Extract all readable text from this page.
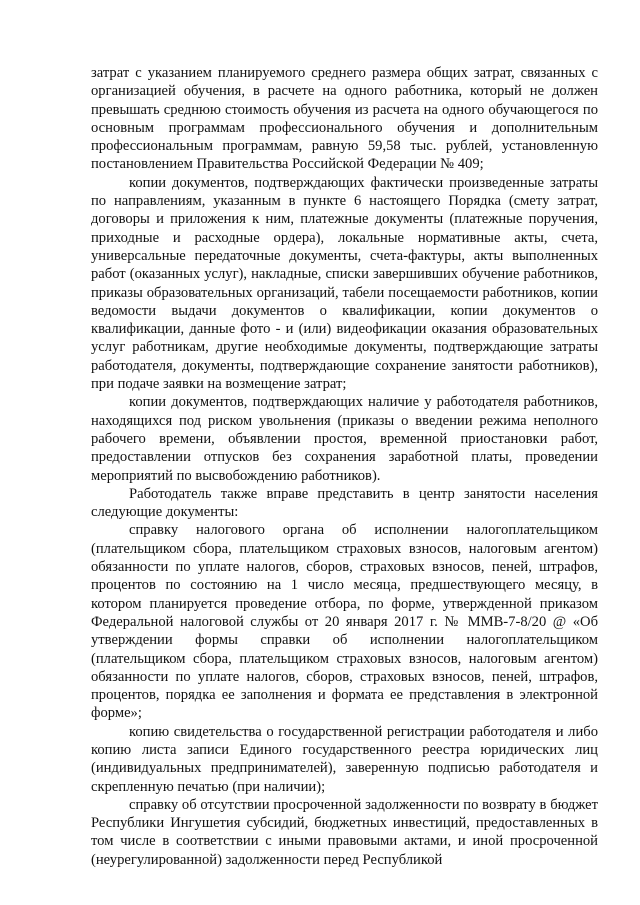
затрат с указанием планируемого среднего размера общих затрат, связанных с организацией обучения, в расчете на одного работника, который не должен превышать среднюю стоимость обучения из расчета на одного обучающегося по основным программам профессионального обучения и дополнительным профессиональным программам, равную 59,58 тыс. рублей, установленную постановлением Правительства Российской Федерации № 409;

копии документов, подтверждающих фактически произведенные затраты по направлениям, указанным в пункте 6 настоящего Порядка (смету затрат, договоры и приложения к ним, платежные документы (платежные поручения, приходные и расходные ордера), локальные нормативные акты, счета, универсальные передаточные документы, счета-фактуры, акты выполненных работ (оказанных услуг), накладные, списки завершивших обучение работников, приказы образовательных организаций, табели посещаемости работников, копии ведомости выдачи документов о квалификации, копии документов о квалификации, данные фото - и (или) видеофикации оказания образовательных услуг работникам, другие необходимые документы, подтверждающие затраты работодателя, документы, подтверждающие сохранение занятости работников), при подаче заявки на возмещение затрат;

копии документов, подтверждающих наличие у работодателя работников, находящихся под риском увольнения (приказы о введении режима неполного рабочего времени, объявлении простоя, временной приостановки работ, предоставлении отпусков без сохранения заработной платы, проведении мероприятий по высвобождению работников).

Работодатель также вправе представить в центр занятости населения следующие документы:

справку налогового органа об исполнении налогоплательщиком (плательщиком сбора, плательщиком страховых взносов, налоговым агентом) обязанности по уплате налогов, сборов, страховых взносов, пеней, штрафов, процентов по состоянию на 1 число месяца, предшествующего месяцу, в котором планируется проведение отбора, по форме, утвержденной приказом Федеральной налоговой службы от 20 января 2017 г. № ММВ-7-8/20 @ «Об утверждении формы справки об исполнении налогоплательщиком (плательщиком сбора, плательщиком страховых взносов, налоговым агентом) обязанности по уплате налогов, сборов, страховых взносов, пеней, штрафов, процентов, порядка ее заполнения и формата ее представления в электронной форме»;

копию свидетельства о государственной регистрации работодателя и либо копию листа записи Единого государственного реестра юридических лиц (индивидуальных предпринимателей), заверенную подписью работодателя и скрепленную печатью (при наличии);

справку об отсутствии просроченной задолженности по возврату в бюджет Республики Ингушетия субсидий, бюджетных инвестиций, предоставленных в том числе в соответствии с иными правовыми актами, и иной просроченной (неурегулированной) задолженности перед Республикой
